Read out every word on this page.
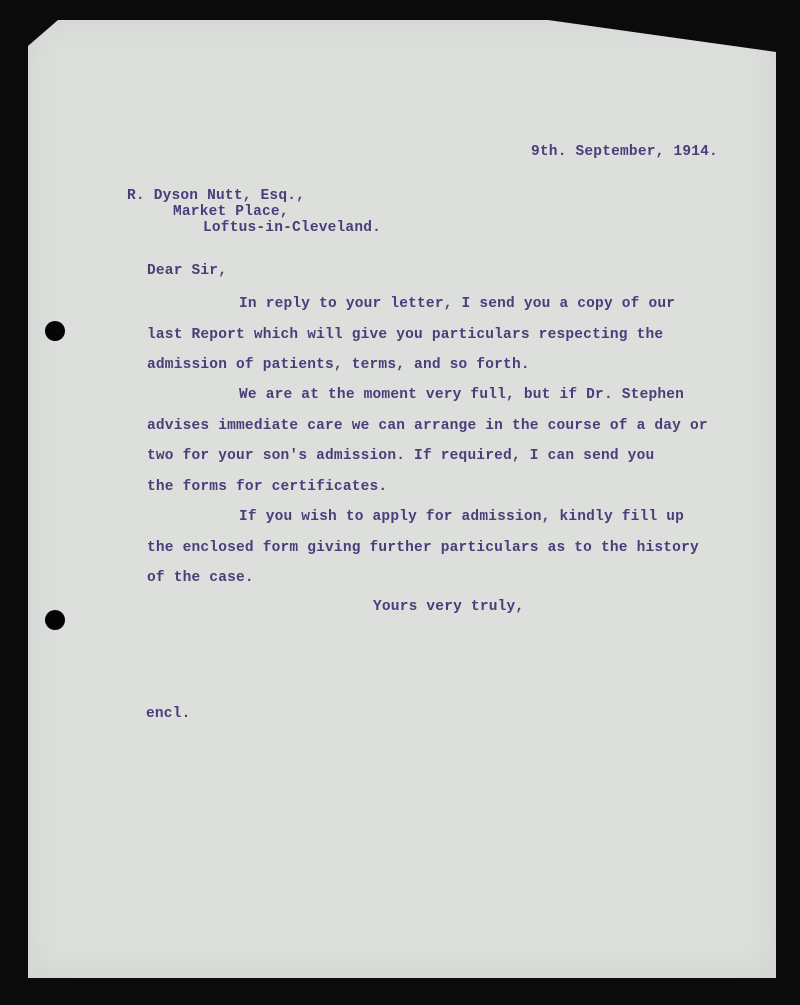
9th. September, 1914.

R. Dyson Nutt, Esq.,

Market Place,

Loftus-in-Cleveland.

Dear Sir,

In reply to your letter, I send you a copy of our
last Report which will give you particulars respecting the
admission of patients, terms, and so forth.
We are at the moment very full, but if Dr. Stephen
advises immediate care we can arrange in the course of a day or
two for your son's admission. If required, I can send you
the forms for certificates.
If you wish to apply for admission, kindly fill up
the enclosed form giving further particulars as to the history
of the case.

Yours very truly,

encl.
